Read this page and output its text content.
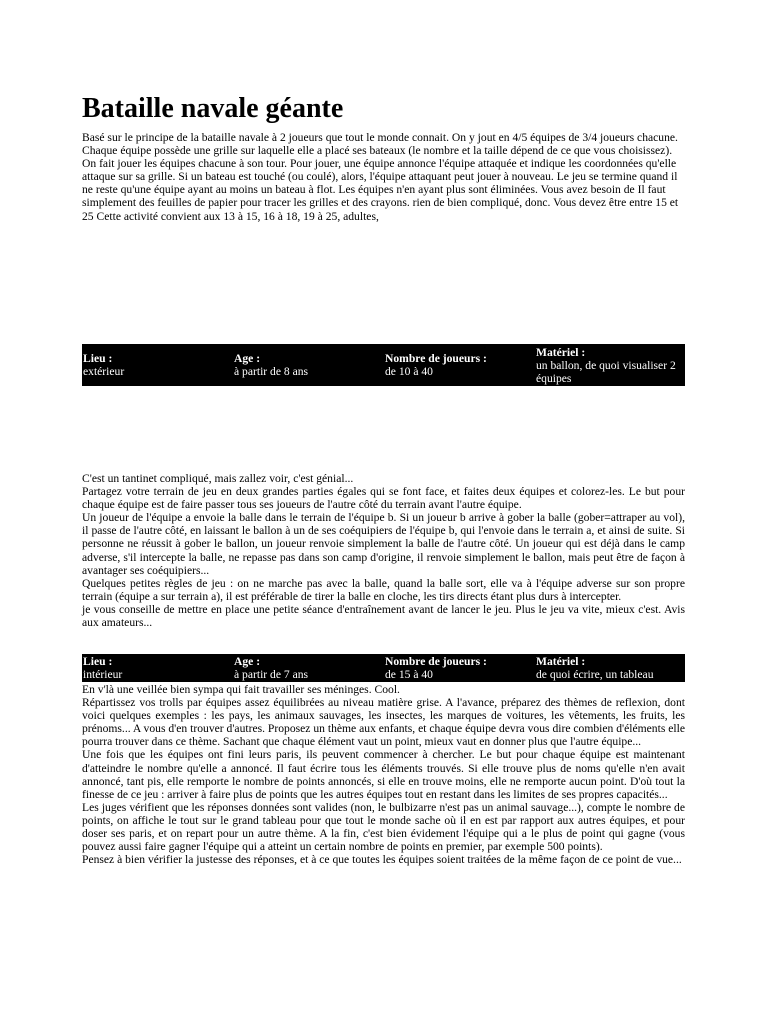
Bataille navale géante

Basé sur le principe de la bataille navale à 2 joueurs que tout le monde connait. On y jout en 4/5 équipes de 3/4 joueurs chacune. Chaque équipe possède une grille sur laquelle elle a placé ses bateaux (le nombre et la taille dépend de ce que vous choisissez). On fait jouer les équipes chacune à son tour. Pour jouer, une équipe annonce l'équipe attaquée et indique les coordonnées qu'elle attaque sur sa grille. Si un bateau est touché (ou coulé), alors, l'équipe attaquant peut jouer à nouveau. Le jeu se termine quand il ne reste qu'une équipe ayant au moins un bateau à flot. Les équipes n'en ayant plus sont éliminées. Vous avez besoin de Il faut simplement des feuilles de papier pour tracer les grilles et des crayons. rien de bien compliqué, donc. Vous devez être entre 15 et 25 Cette activité convient aux 13 à 15, 16 à 18, 19 à 25, adultes,

Lieu :
extérieur
Age :
à partir de 8 ans
Nombre de joueurs :
de 10 à 40
Matériel :
un ballon, de quoi visualiser 2 équipes

C'est un tantinet compliqué, mais zallez voir, c'est génial...

Partagez votre terrain de jeu en deux grandes parties égales qui se font face, et faites deux équipes et colorez-les. Le but pour chaque équipe est de faire passer tous ses joueurs de l'autre côté du terrain avant l'autre équipe.

Un joueur de l'équipe a envoie la balle dans le terrain de l'équipe b. Si un joueur b arrive à gober la balle (gober=attraper au vol), il passe de l'autre côté, en laissant le ballon à un de ses coéquipiers de l'équipe b, qui l'envoie dans le terrain a, et ainsi de suite. Si personne ne réussit à gober le ballon, un joueur renvoie simplement la balle de l'autre côté. Un joueur qui est déjà dans le camp adverse, s'il intercepte la balle, ne repasse pas dans son camp d'origine, il renvoie simplement le ballon, mais peut être de façon à avantager ses coéquipiers...

Quelques petites règles de jeu : on ne marche pas avec la balle, quand la balle sort, elle va à l'équipe adverse sur son propre terrain (équipe a sur terrain a), il est préférable de tirer la balle en cloche, les tirs directs étant plus durs à intercepter.

je vous conseille de mettre en place une petite séance d'entraînement avant de lancer le jeu. Plus le jeu va vite, mieux c'est. Avis aux amateurs...

Lieu :
intérieur
Age :
à partir de 7 ans
Nombre de joueurs :
de 15 à 40
Matériel :
de quoi écrire, un tableau

En v'là une veillée bien sympa qui fait travailler ses méninges. Cool.

Répartissez vos trolls par équipes assez équilibrées au niveau matière grise. A l'avance, préparez des thèmes de reflexion, dont voici quelques exemples : les pays, les animaux sauvages, les insectes, les marques de voitures, les vêtements, les fruits, les prénoms... A vous d'en trouver d'autres. Proposez un thème aux enfants, et chaque équipe devra vous dire combien d'éléments elle pourra trouver dans ce thème. Sachant que chaque élément vaut un point, mieux vaut en donner plus que l'autre équipe...

Une fois que les équipes ont fini leurs paris, ils peuvent commencer à chercher. Le but pour chaque équipe est maintenant d'atteindre le nombre qu'elle a annoncé. Il faut écrire tous les éléments trouvés. Si elle trouve plus de noms qu'elle n'en avait annoncé, tant pis, elle remporte le nombre de points annoncés, si elle en trouve moins, elle ne remporte aucun point. D'où tout la finesse de ce jeu : arriver à faire plus de points que les autres équipes tout en restant dans les limites de ses propres capacités...

Les juges vérifient que les réponses données sont valides (non, le bulbizarre n'est pas un animal sauvage...), compte le nombre de points, on affiche le tout sur le grand tableau pour que tout le monde sache où il en est par rapport aux autres équipes, et pour doser ses paris, et on repart pour un autre thème. A la fin, c'est bien évidement l'équipe qui a le plus de point qui gagne (vous pouvez aussi faire gagner l'équipe qui a atteint un certain nombre de points en premier, par exemple 500 points).

Pensez à bien vérifier la justesse des réponses, et à ce que toutes les équipes soient traitées de la même façon de ce point de vue...
